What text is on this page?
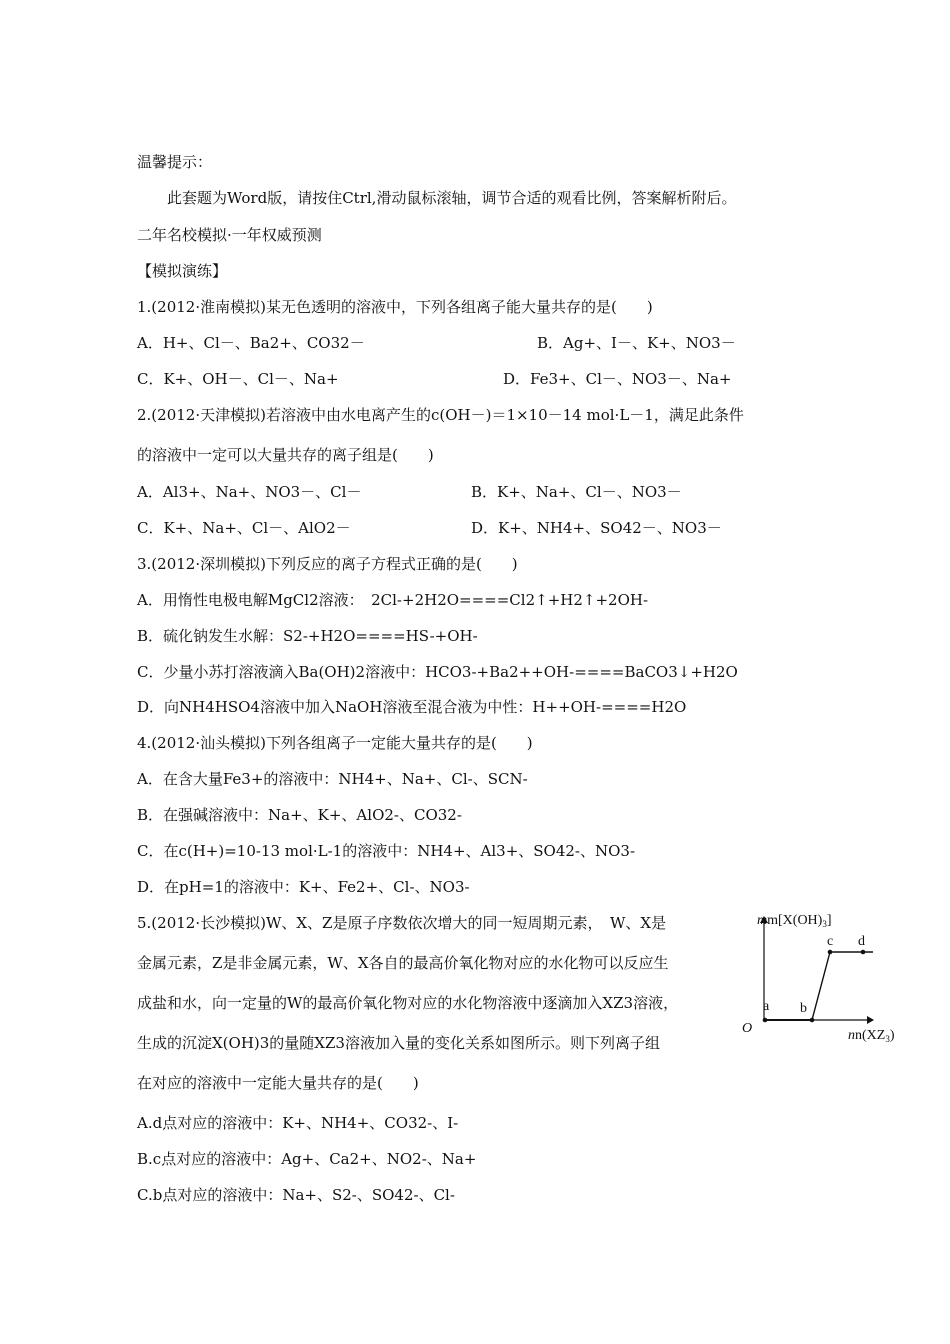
温馨提示：
此套题为Word版，请按住Ctrl,滑动鼠标滚轴，调节合适的观看比例，答案解析附后。
二年名校模拟·一年权威预测
【模拟演练】
1.(2012·淮南模拟)某无色透明的溶液中，下列各组离子能大量共存的是(　　)
A．H+、Cl－、Ba2+、CO32－	B．Ag+、I－、K+、NO3－
C．K+、OH－、Cl－、Na+	D．Fe3+、Cl－、NO3－、Na+
2.(2012·天津模拟)若溶液中由水电离产生的c(OH－)＝1×10－14 mol·L－1，满足此条件
的溶液中一定可以大量共存的离子组是(　　)
A．Al3+、Na+、NO3－、Cl－	B．K+、Na+、Cl－、NO3－
C．K+、Na+、Cl－、AlO2－	D．K+、NH4+、SO42－、NO3－
3.(2012·深圳模拟)下列反应的离子方程式正确的是(　　)
A．用惰性电极电解MgCl2溶液：　2Cl-+2H2O====Cl2↑+H2↑+2OH-
B．硫化钠发生水解：S2-+H2O====HS-+OH-
C．少量小苏打溶液滴入Ba(OH)2溶液中：HCO3-+Ba2++OH-====BaCO3↓+H2O
D．向NH4HSO4溶液中加入NaOH溶液至混合液为中性：H++OH-====H2O
4.(2012·汕头模拟)下列各组离子一定能大量共存的是(　　)
A．在含大量Fe3+的溶液中：NH4+、Na+、Cl-、SCN-
B．在强碱溶液中：Na+、K+、AlO2-、CO32-
C．在c(H+)=10-13 mol·L-1的溶液中：NH4+、Al3+、SO42-、NO3-
D．在pH=1的溶液中：K+、Fe2+、Cl-、NO3-
5.(2012·长沙模拟)W、X、Z是原子序数依次增大的同一短周期元素，　W、X是
金属元素，Z是非金属元素，W、X各自的最高价氧化物对应的水化物可以反应生
成盐和水，向一定量的W的最高价氧化物对应的水化物溶液中逐滴加入XZ3溶液，
生成的沉淀X(OH)3的量随XZ3溶液加入量的变化关系如图所示。则下列离子组
在对应的溶液中一定能大量共存的是(　　)
A.d点对应的溶液中：K+、NH4+、CO32-、I-
B.c点对应的溶液中：Ag+、Ca2+、NO2-、Na+
C.b点对应的溶液中：Na+、S2-、SO42-、Cl-
$mm[X(OH)_3]$
$nn(XZ_3)$
O
a b
c d
